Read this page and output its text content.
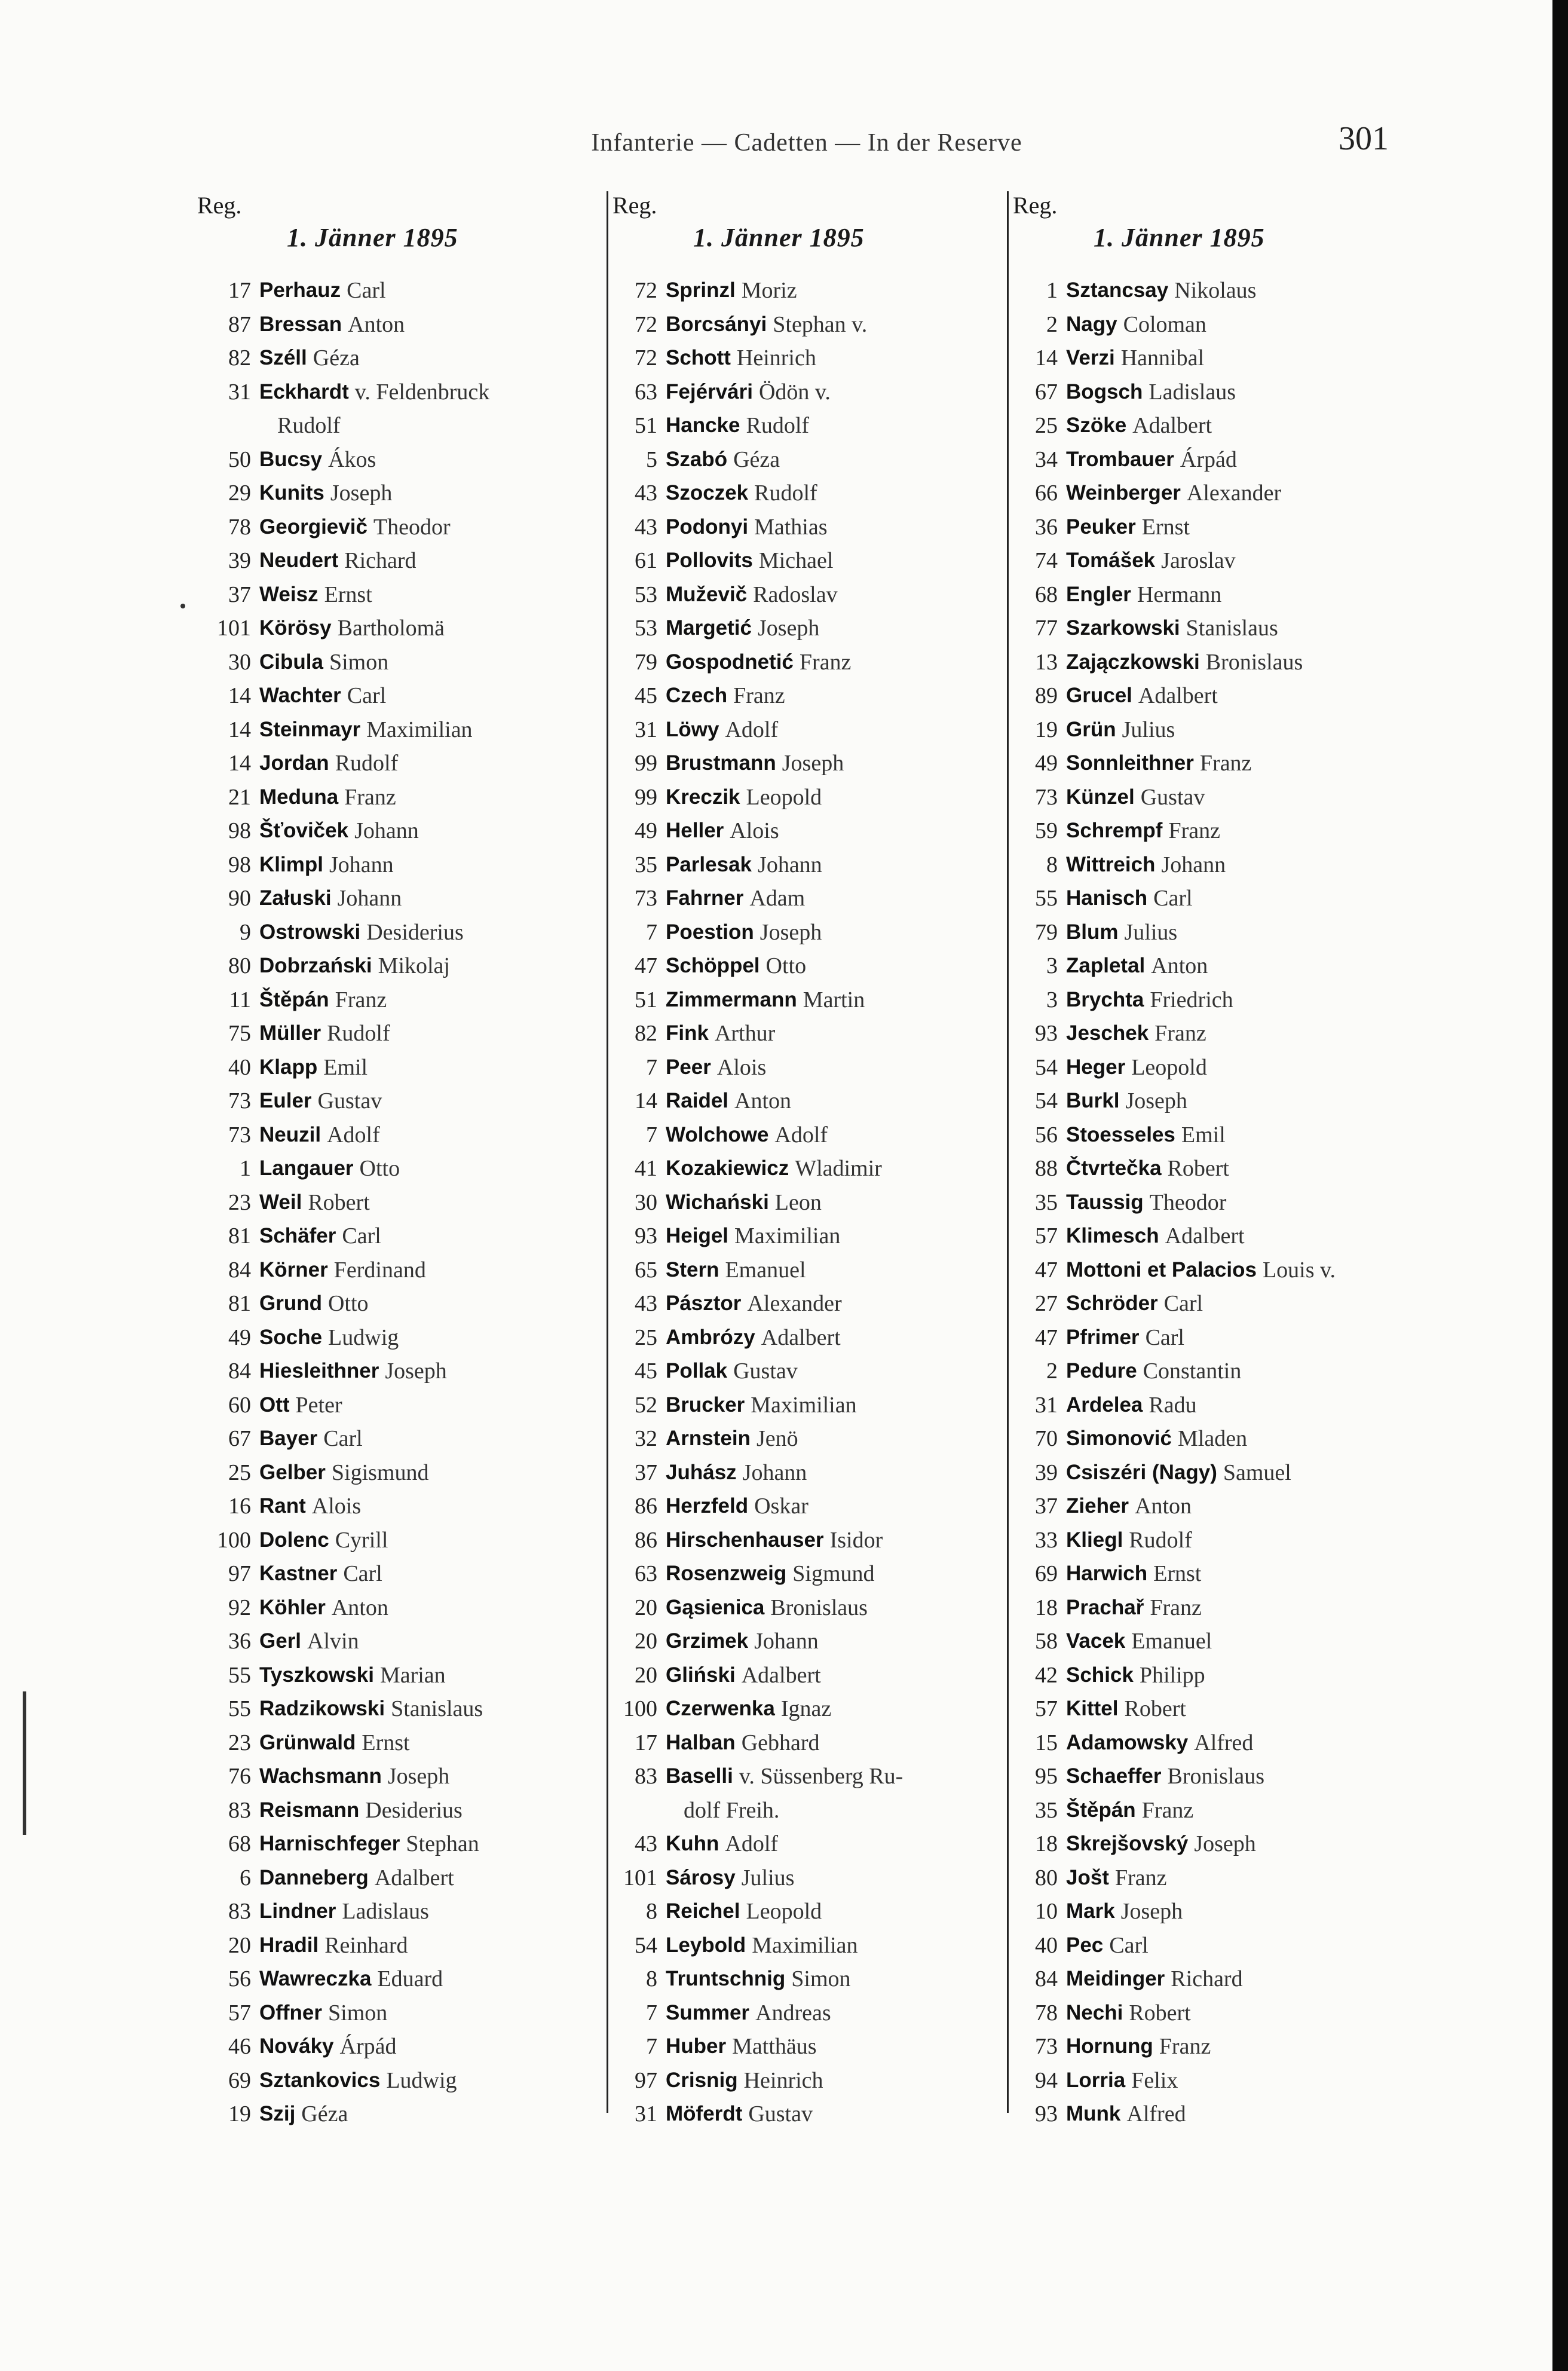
Infanterie — Cadetten — In der Reserve	301
Reg.
1. Jänner 1895
17 Perhauz Carl
87 Bressan Anton
82 Széll Géza
31 Eckhardt v. Feldenbruck
Rudolf
50 Bucsy Ákos
29 Kunits Joseph
78 Georgievič Theodor
39 Neudert Richard
37 Weisz Ernst
101 Körösy Bartholomä
30 Cibula Simon
14 Wachter Carl
14 Steinmayr Maximilian
14 Jordan Rudolf
21 Meduna Franz
98 Šťoviček Johann
98 Klimpl Johann
90 Załuski Johann
9 Ostrowski Desiderius
80 Dobrzański Mikolaj
11 Štěpán Franz
75 Müller Rudolf
40 Klapp Emil
73 Euler Gustav
73 Neuzil Adolf
1 Langauer Otto
23 Weil Robert
81 Schäfer Carl
84 Körner Ferdinand
81 Grund Otto
49 Soche Ludwig
84 Hiesleithner Joseph
60 Ott Peter
67 Bayer Carl
25 Gelber Sigismund
16 Rant Alois
100 Dolenc Cyrill
97 Kastner Carl
92 Köhler Anton
36 Gerl Alvin
55 Tyszkowski Marian
55 Radzikowski Stanislaus
23 Grünwald Ernst
76 Wachsmann Joseph
83 Reismann Desiderius
68 Harnischfeger Stephan
6 Danneberg Adalbert
83 Lindner Ladislaus
20 Hradil Reinhard
56 Wawreczka Eduard
57 Offner Simon
46 Nováky Árpád
69 Sztankovics Ludwig
19 Szij Géza
Reg.
1. Jänner 1895
72 Sprinzl Moriz
72 Borcsányi Stephan v.
72 Schott Heinrich
63 Fejérvári Ödön v.
51 Hancke Rudolf
5 Szabó Géza
43 Szoczek Rudolf
43 Podonyi Mathias
61 Pollovits Michael
53 Muževič Radoslav
53 Margetić Joseph
79 Gospodnetić Franz
45 Czech Franz
31 Löwy Adolf
99 Brustmann Joseph
99 Kreczik Leopold
49 Heller Alois
35 Parlesak Johann
73 Fahrner Adam
7 Poestion Joseph
47 Schöppel Otto
51 Zimmermann Martin
82 Fink Arthur
7 Peer Alois
14 Raidel Anton
7 Wolchowe Adolf
41 Kozakiewicz Wladimir
30 Wichański Leon
93 Heigel Maximilian
65 Stern Emanuel
43 Pásztor Alexander
25 Ambrózy Adalbert
45 Pollak Gustav
52 Brucker Maximilian
32 Arnstein Jenö
37 Juhász Johann
86 Herzfeld Oskar
86 Hirschenhauser Isidor
63 Rosenzweig Sigmund
20 Gąsienica Bronislaus
20 Grzimek Johann
20 Gliński Adalbert
100 Czerwenka Ignaz
17 Halban Gebhard
83 Baselli v. Süssenberg Ru-
dolf Freih.
43 Kuhn Adolf
101 Sárosy Julius
8 Reichel Leopold
54 Leybold Maximilian
8 Truntschnig Simon
7 Summer Andreas
7 Huber Matthäus
97 Crisnig Heinrich
31 Möferdt Gustav
Reg.
1. Jänner 1895
1 Sztancsay Nikolaus
2 Nagy Coloman
14 Verzi Hannibal
67 Bogsch Ladislaus
25 Szöke Adalbert
34 Trombauer Árpád
66 Weinberger Alexander
36 Peuker Ernst
74 Tomášek Jaroslav
68 Engler Hermann
77 Szarkowski Stanislaus
13 Zajączkowski Bronislaus
89 Grucel Adalbert
19 Grün Julius
49 Sonnleithner Franz
73 Künzel Gustav
59 Schrempf Franz
8 Wittreich Johann
55 Hanisch Carl
79 Blum Julius
3 Zapletal Anton
3 Brychta Friedrich
93 Jeschek Franz
54 Heger Leopold
54 Burkl Joseph
56 Stoesseles Emil
88 Čtvrtečka Robert
35 Taussig Theodor
57 Klimesch Adalbert
47 Mottoni et Palacios Louis v.
27 Schröder Carl
47 Pfrimer Carl
2 Pedure Constantin
31 Ardelea Radu
70 Simonović Mladen
39 Csiszéri (Nagy) Samuel
37 Zieher Anton
33 Kliegl Rudolf
69 Harwich Ernst
18 Prachař Franz
58 Vacek Emanuel
42 Schick Philipp
57 Kittel Robert
15 Adamowsky Alfred
95 Schaeffer Bronislaus
35 Štěpán Franz
18 Skrejšovský Joseph
80 Jošt Franz
10 Mark Joseph
40 Pec Carl
84 Meidinger Richard
78 Nechi Robert
73 Hornung Franz
94 Lorria Felix
93 Munk Alfred
